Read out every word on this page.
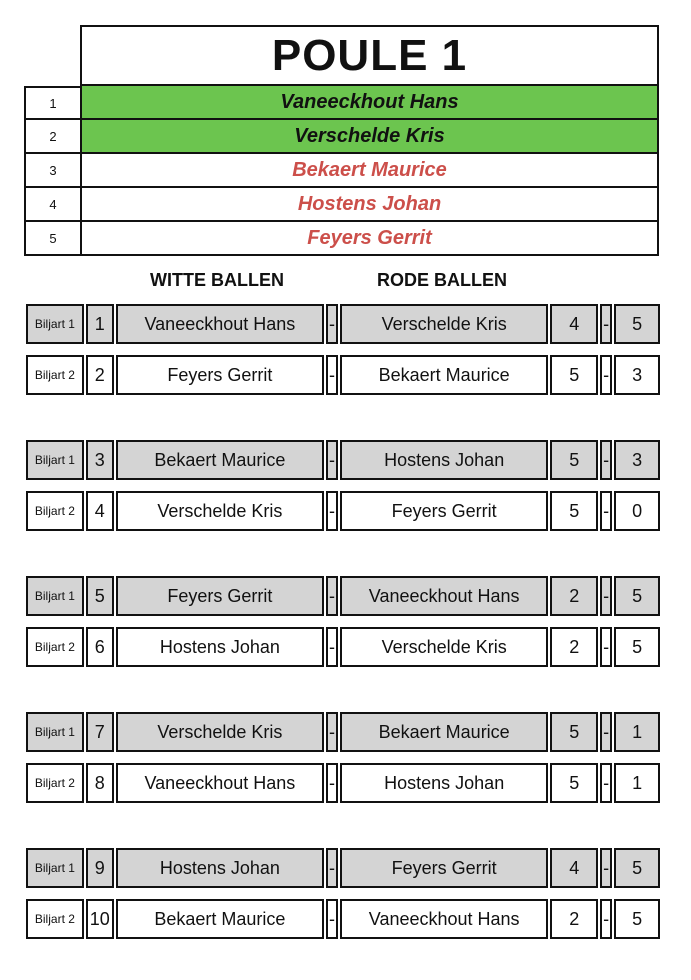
POULE 1
1	Vaneeckhout Hans
2	Verschelde Kris
3	Bekaert Maurice
4	Hostens Johan
5	Feyers Gerrit
WITTE BALLEN	RODE BALLEN
Biljart 1	1	Vaneeckhout Hans	-	Verschelde Kris	4	-	5
Biljart 2	2	Feyers Gerrit	-	Bekaert Maurice	5	-	3
Biljart 1	3	Bekaert Maurice	-	Hostens Johan	5	-	3
Biljart 2	4	Verschelde Kris	-	Feyers Gerrit	5	-	0
Biljart 1	5	Feyers Gerrit	-	Vaneeckhout Hans	2	-	5
Biljart 2	6	Hostens Johan	-	Verschelde Kris	2	-	5
Biljart 1	7	Verschelde Kris	-	Bekaert Maurice	5	-	1
Biljart 2	8	Vaneeckhout Hans	-	Hostens Johan	5	-	1
Biljart 1	9	Hostens Johan	-	Feyers Gerrit	4	-	5
Biljart 2 10	Bekaert Maurice	-	Vaneeckhout Hans	2	-	5
